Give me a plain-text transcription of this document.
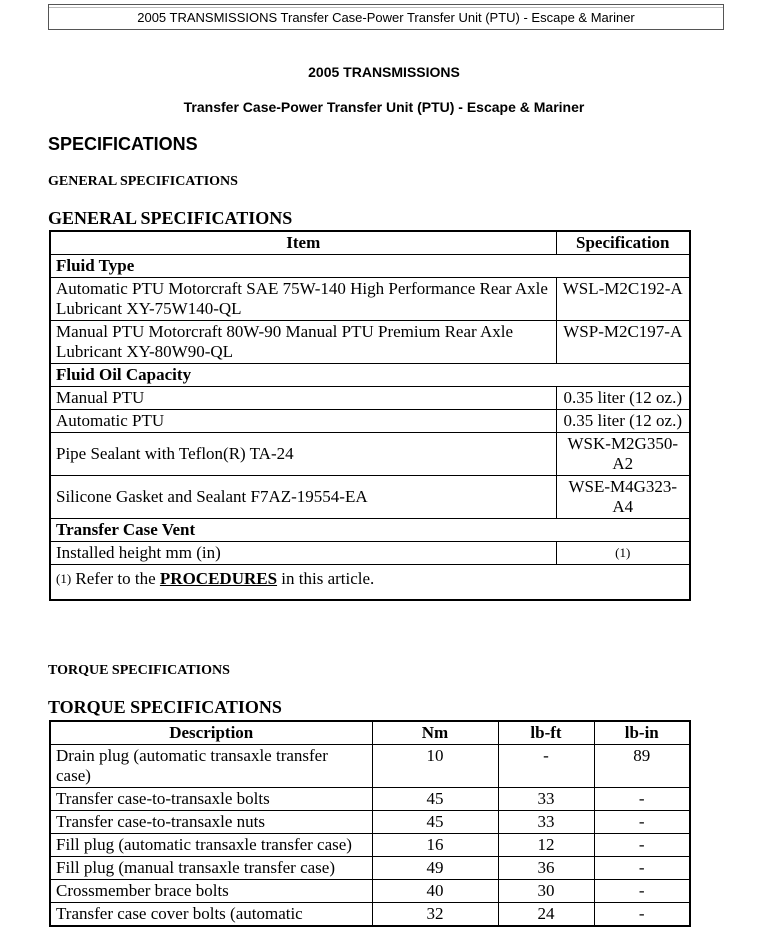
2005 TRANSMISSIONS Transfer Case-Power Transfer Unit (PTU) - Escape & Mariner
2005 TRANSMISSIONS
Transfer Case-Power Transfer Unit (PTU) - Escape & Mariner
SPECIFICATIONS
GENERAL SPECIFICATIONS
GENERAL SPECIFICATIONS
Item	Specification
Fluid Type	
Automatic PTU Motorcraft SAE 75W-140 High Performance Rear Axle Lubricant XY-75W140-QL	WSL-M2C192-A
Manual PTU Motorcraft 80W-90 Manual PTU Premium Rear Axle Lubricant XY-80W90-QL	WSP-M2C197-A
Fluid Oil Capacity	
Manual PTU	0.35 liter (12 oz.)
Automatic PTU	0.35 liter (12 oz.)
Pipe Sealant with Teflon(R) TA-24	WSK-M2G350-A2
Silicone Gasket and Sealant F7AZ-19554-EA	WSE-M4G323-A4
Transfer Case Vent	
Installed height mm (in)	(1)
$^{(1)}$ Refer to the PROCEDURES in this article.	
TORQUE SPECIFICATIONS
TORQUE SPECIFICATIONS
Description	Nm	lb-ft	lb-in
Drain plug (automatic transaxle transfer case)	10	-	89
Transfer case-to-transaxle bolts	45	33	-
Transfer case-to-transaxle nuts	45	33	-
Fill plug (automatic transaxle transfer case)	16	12	-
Fill plug (manual transaxle transfer case)	49	36	-
Crossmember brace bolts	40	30	-
Transfer case cover bolts (automatic	32	24	-
